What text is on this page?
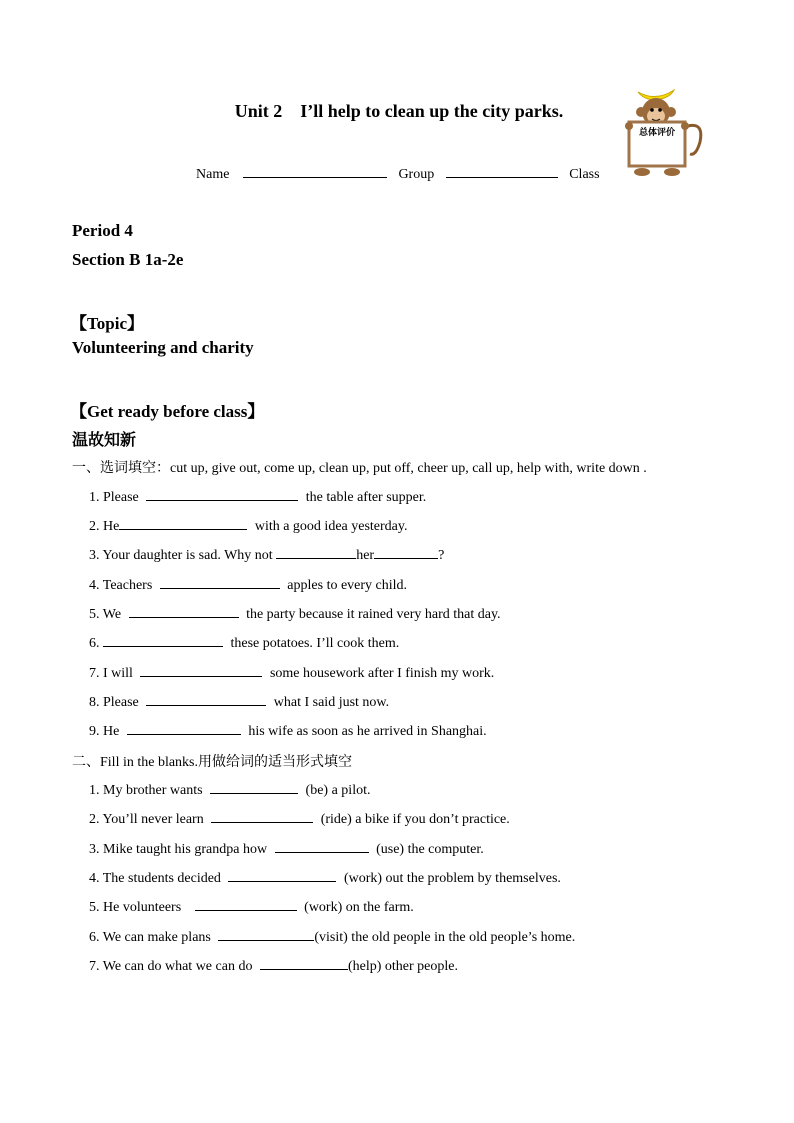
Unit 2 I’ll help to clean up the city parks.
总体评价
Name	Group	Class
Period 4
Section B 1a-2e
【Topic】
Volunteering and charity
【Get ready before class】
温故知新
一、选词填空：cut up, give out, come up, clean up, put off, cheer up, call up, help with, write down .
1. Please	the table after supper.
2. He	with a good idea yesterday.
3. Your daughter is sad. Why not	her	?
4. Teachers	apples to every child.
5. We	the party because it rained very hard that day.
6.	these potatoes. I’ll cook them.
7. I will	some housework after I finish my work.
8. Please	what I said just now.
9. He	his wife as soon as he arrived in Shanghai.
二、Fill in the blanks.用做给词的适当形式填空
1. My brother wants	(be) a pilot.
2. You’ll never learn	(ride) a bike if you don’t practice.
3. Mike taught his grandpa how	(use) the computer.
4. The students decided	(work) out the problem by themselves.
5. He volunteers	(work) on the farm.
6. We can make plans	(visit) the old people in the old people’s home.
7. We can do what we can do	(help) other people.
